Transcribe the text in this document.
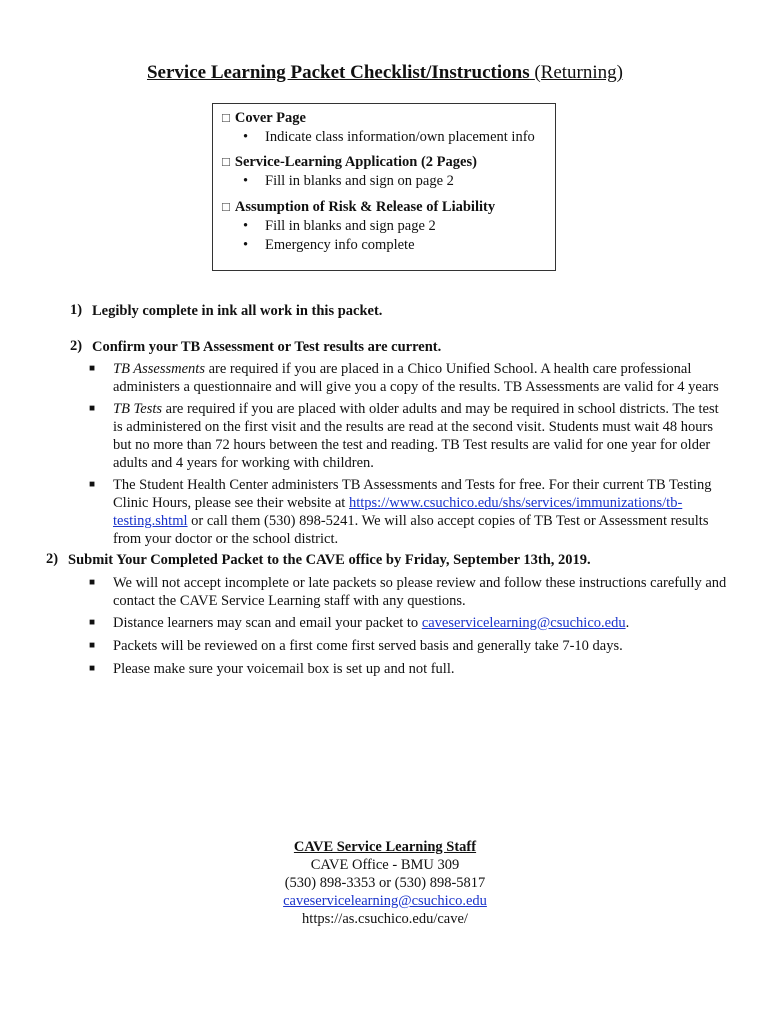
Service Learning Packet Checklist/Instructions (Returning)
☐ Cover Page
• Indicate class information/own placement info
☐ Service-Learning Application (2 Pages)
• Fill in blanks and sign on page 2
☐ Assumption of Risk & Release of Liability
• Fill in blanks and sign page 2
• Emergency info complete
1) Legibly complete in ink all work in this packet.
2) Confirm your TB Assessment or Test results are current.
■ TB Assessments are required if you are placed in a Chico Unified School. A health care professional administers a questionnaire and will give you a copy of the results. TB Assessments are valid for 4 years
■ TB Tests are required if you are placed with older adults and may be required in school districts. The test is administered on the first visit and the results are read at the second visit. Students must wait 48 hours but no more than 72 hours between the test and reading. TB Test results are valid for one year for older adults and 4 years for working with children.
■ The Student Health Center administers TB Assessments and Tests for free. For their current TB Testing Clinic Hours, please see their website at https://www.csuchico.edu/shs/services/immunizations/tb-testing.shtml or call them (530) 898-5241. We will also accept copies of TB Test or Assessment results from your doctor or the school district.
2) Submit Your Completed Packet to the CAVE office by Friday, September 13th, 2019.
■ We will not accept incomplete or late packets so please review and follow these instructions carefully and contact the CAVE Service Learning staff with any questions.
■ Distance learners may scan and email your packet to caveservicelearning@csuchico.edu.
■ Packets will be reviewed on a first come first served basis and generally take 7-10 days.
■ Please make sure your voicemail box is set up and not full.
CAVE Service Learning Staff
CAVE Office - BMU 309
(530) 898-3353 or (530) 898-5817
caveservicelearning@csuchico.edu
https://as.csuchico.edu/cave/
